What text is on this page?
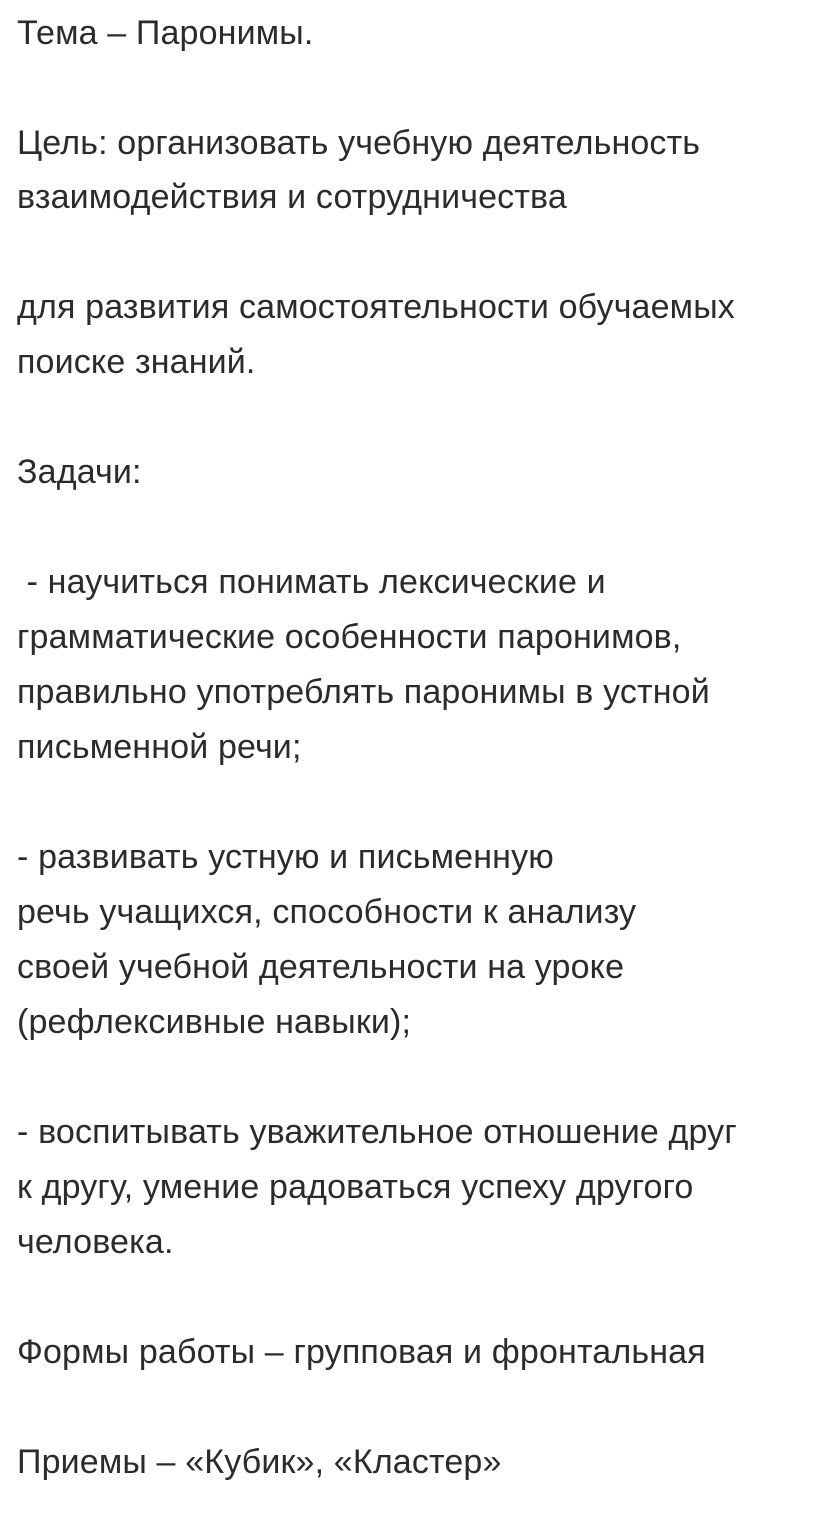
Тема – Паронимы.

Цель: организовать учебную деятельность

взаимодействия и сотрудничества

для развития самостоятельности обучаемых

поиске знаний.

Задачи:

- научиться понимать лексические и

грамматические особенности паронимов,

правильно употреблять паронимы в устной

письменной речи;

- развивать устную и письменную

речь учащихся, способности к анализу

своей учебной деятельности на уроке

(рефлексивные навыки);

- воспитывать уважительное отношение друг

к другу, умение радоваться успеху другого

человека.

Формы работы – групповая и фронтальная

Приемы – «Кубик», «Кластер»
